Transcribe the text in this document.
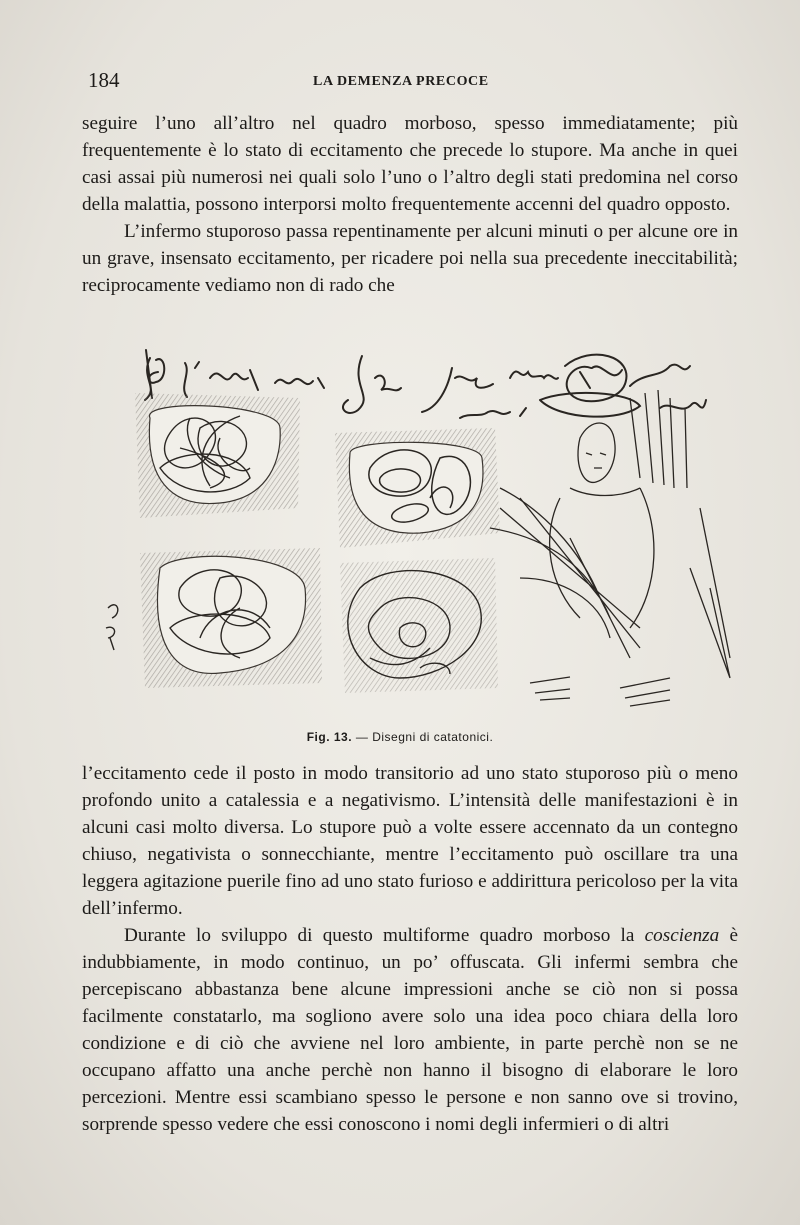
184	LA DEMENZA PRECOCE

seguire l’uno all’altro nel quadro morboso, spesso immediatamente; più frequentemente è lo stato di eccitamento che precede lo stupore. Ma anche in quei casi assai più numerosi nei quali solo l’uno o l’altro degli stati predomina nel corso della malattia, possono interporsi molto frequentemente accenni del quadro opposto.

L’infermo stuporoso passa repentinamente per alcuni minuti o per alcune ore in un grave, insensato eccitamento, per ricadere poi nella sua precedente ineccitabilità; reciprocamente vediamo non di rado che

Fig. 13. — Disegni di catatonici.

l’eccitamento cede il posto in modo transitorio ad uno stato stuporoso più o meno profondo unito a catalessia e a negativismo. L’intensità delle manifestazioni è in alcuni casi molto diversa. Lo stupore può a volte essere accennato da un contegno chiuso, negativista o sonnecchiante, mentre l’eccitamento può oscillare tra una leggera agitazione puerile fino ad uno stato furioso e addirittura pericoloso per la vita dell’infermo.

Durante lo sviluppo di questo multiforme quadro morboso la coscienza è indubbiamente, in modo continuo, un po’ offuscata. Gli infermi sembra che percepiscano abbastanza bene alcune impressioni anche se ciò non si possa facilmente constatarlo, ma sogliono avere solo una idea poco chiara della loro condizione e di ciò che avviene nel loro ambiente, in parte perchè non se ne occupano affatto una anche perchè non hanno il bisogno di elaborare le loro percezioni. Mentre essi scambiano spesso le persone e non sanno ove si trovino, sorprende spesso vedere che essi conoscono i nomi degli infermieri o di altri
